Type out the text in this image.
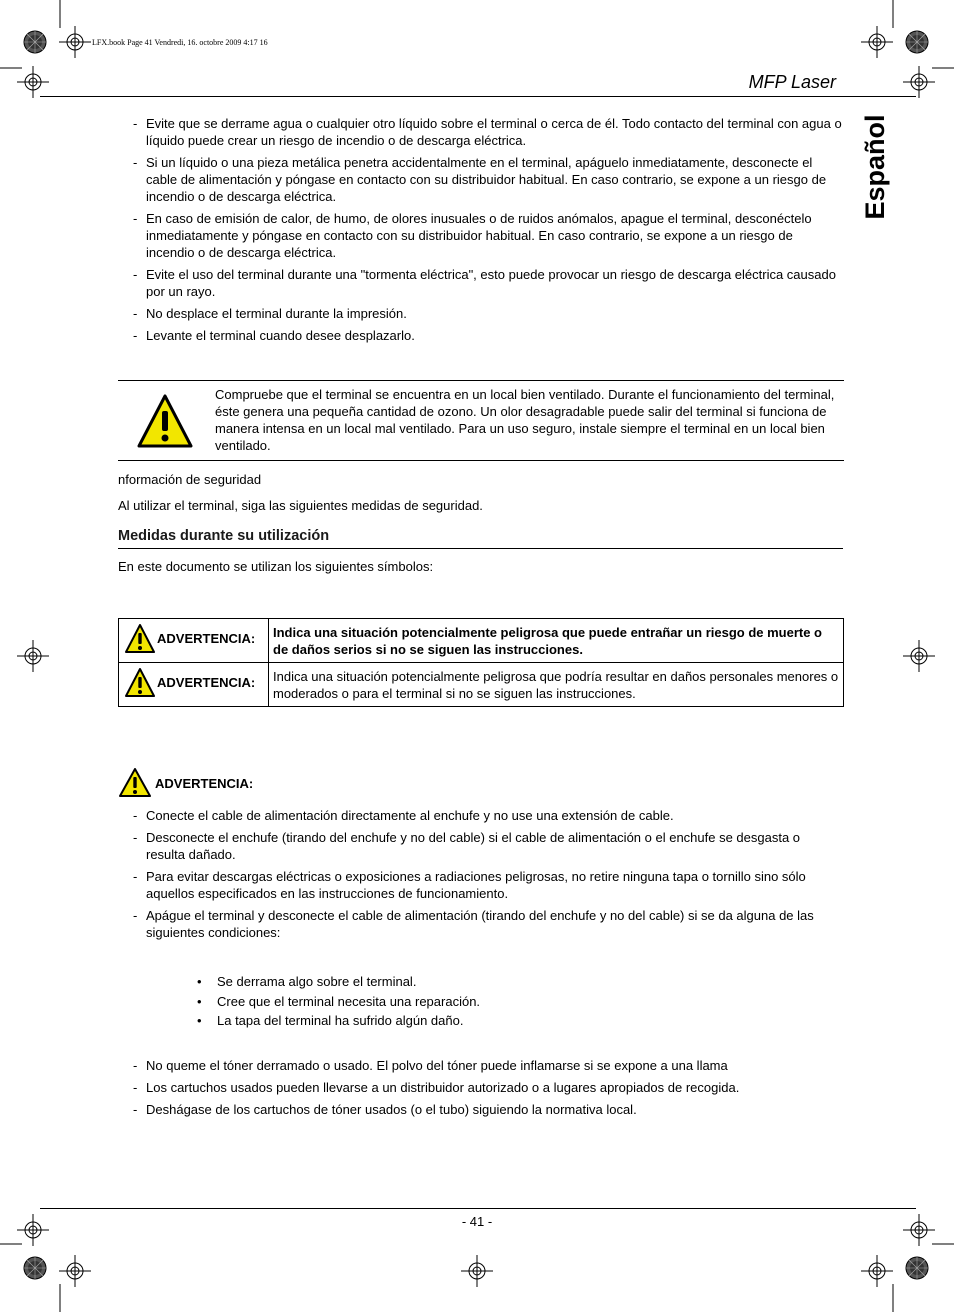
LFX.book Page 41 Vendredi, 16. octobre 2009 4:17 16
MFP Laser
Español
- Evite que se derrame agua o cualquier otro líquido sobre el terminal o cerca de él. Todo contacto del terminal con agua o líquido puede crear un riesgo de incendio o de descarga eléctrica.
- Si un líquido o una pieza metálica penetra accidentalmente en el terminal, apáguelo inmediatamente, desconecte el cable de alimentación y póngase en contacto con su distribuidor habitual. En caso contrario, se expone a un riesgo de incendio o de descarga eléctrica.
- En caso de emisión de calor, de humo, de olores inusuales o de ruidos anómalos, apague el terminal, desconéctelo inmediatamente y póngase en contacto con su distribuidor habitual. En caso contrario, se expone a un riesgo de incendio o de descarga eléctrica.
- Evite el uso del terminal durante una "tormenta eléctrica", esto puede provocar un riesgo de descarga eléctrica causado por un rayo.
- No desplace el terminal durante la impresión.
- Levante el terminal cuando desee desplazarlo.
Compruebe que el terminal se encuentra en un local bien ventilado. Durante el funcionamiento del terminal, éste genera una pequeña cantidad de ozono. Un olor desagradable puede salir del terminal si funciona de manera intensa en un local mal ventilado. Para un uso seguro, instale siempre el terminal en un local bien ventilado.
nformación de seguridad
Al utilizar el terminal, siga las siguientes medidas de seguridad.
Medidas durante su utilización
En este documento se utilizan los siguientes símbolos:
ADVERTENCIA:	Indica una situación potencialmente peligrosa que puede entrañar un riesgo de muerte o de daños serios si no se siguen las instrucciones.

ADVERTENCIA:	Indica una situación potencialmente peligrosa que podría resultar en daños personales menores o moderados o para el terminal si no se siguen las instrucciones.
ADVERTENCIA:
- Conecte el cable de alimentación directamente al enchufe y no use una extensión de cable.
- Desconecte el enchufe (tirando del enchufe y no del cable) si el cable de alimentación o el enchufe se desgasta o resulta dañado.
- Para evitar descargas eléctricas o exposiciones a radiaciones peligrosas, no retire ninguna tapa o tornillo sino sólo aquellos especificados en las instrucciones de funcionamiento.
- Apágue el terminal y desconecte el cable de alimentación (tirando del enchufe y no del cable) si se da alguna de las siguientes condiciones:
• Se derrama algo sobre el terminal.
• Cree que el terminal necesita una reparación.
• La tapa del terminal ha sufrido algún daño.
- No queme el tóner derramado o usado. El polvo del tóner puede inflamarse si se expone a una llama
- Los cartuchos usados pueden llevarse a un distribuidor autorizado o a lugares apropiados de recogida.
- Deshágase de los cartuchos de tóner usados (o el tubo) siguiendo la normativa local.
- 41 -
